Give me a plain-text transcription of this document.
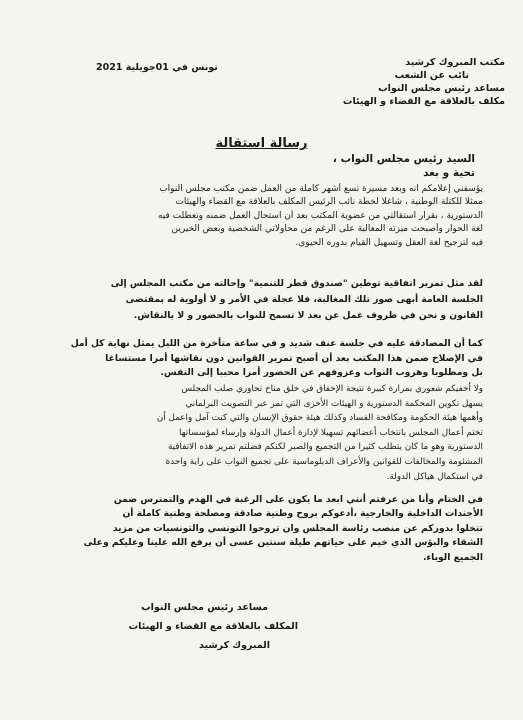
مكتب المبروك كرشيد
نائب عن الشعب
مساعد رئيس مجلس النواب
مكلف بالعلاقة مع القضاء و الهيئات
تونس في 01جويلية 2021
رسالة استقالة
السيد رئيس مجلس النواب ،
تحية و بعد
يؤسفني إعلامكم انه وبعد مسيرة تسع أشهر كاملة من العمل ضمن مكتب مجلس النواب
ممثلا للكتلة الوطنية ، شاغلا لخطة نائب الرئيس المكلف بالعلاقة مع القضاء والهيئات
الدستورية ، بقرار استقالتي من عضوية المكتب بعد أن استحال العمل ضمنه وتعطلت فيه
لغة الحوار وأصبحت ميزته المغالبة على الرغم من محاولاتي الشخصية وبعض الخيرين
فيه لترجيح لغة العقل وتسهيل القيام بدوره الحيوي.
لقد مثل تمرير اتفاقية توطين "صندوق قطر للتنمية" وإحالته من مكتب المجلس إلى
الجلسة العامة أبهى صور تلك المغالبة، فلا عجلة في الأمر و لا أولوية له بمقتضى
القانون و نحن في ظروف عمل عن بعد لا تسمح للنواب بالحضور و لا بالنقاش.
كما أن المصادقة عليه في جلسة عنف شديد و في ساعة متأخرة من الليل يمثل نهاية كل أمل
في الإصلاح ضمن هذا المكتب بعد أن أصبح تمرير القوانين دون نقاشها أمرا مستساغا
بل ومطلوبا وهروب النواب وعزوفهم عن الحضور أمرا محببا إلى النفس.
ولا أخفيكم شعوري بمرارة كبيرة نتيجة الإخفاق في خلق مناخ تحاوري صلب المجلس
يسهل تكوين المحكمة الدستورية و الهيئات الأخرى التي تمر عبر التصويت البرلماني
وأهمها هيئة الحكومة ومكافحة الفساد وكذلك هيئة حقوق الإنسان والتي كنت آمل واعمل أن
تختم أعمال المجلس بانتخاب أعضائهم تسهيلا لإدارة أعمال الدولة وإرساء لمؤسساتها
الدستورية وهو ما كان يتطلب كثيرا من التجميع والصبر لكنكم فضلتم تمرير هذه الاتفاقية
المشئومة والمخالفات للقوانين والأعراف الدبلوماسية على تجميع النواب على راية واحدة
في استكمال هياكل الدولة.
في الختام وأنا من عرفتم أنني ابعد ما يكون على الرغبة في الهدم والتمترس ضمن
الأجندات الداخلية والخارجية ،أدعوكم بروح وطنية صادقة ومصلحة وطنية كاملة أن
تتخلوا بدوركم عن منصب رئاسة المجلس وان تروحوا التونسي والتونسيات من مزيد
الشقاء والبؤس الذي خيم على حياتهم طيلة سنتين عسى أن يرفع الله علينا وعليكم وعلى
الجميع الوباء.
مساعد رئيس مجلس النواب
المكلف بالعلاقة مع القضاء و الهيئات
المبروك كرشيد
